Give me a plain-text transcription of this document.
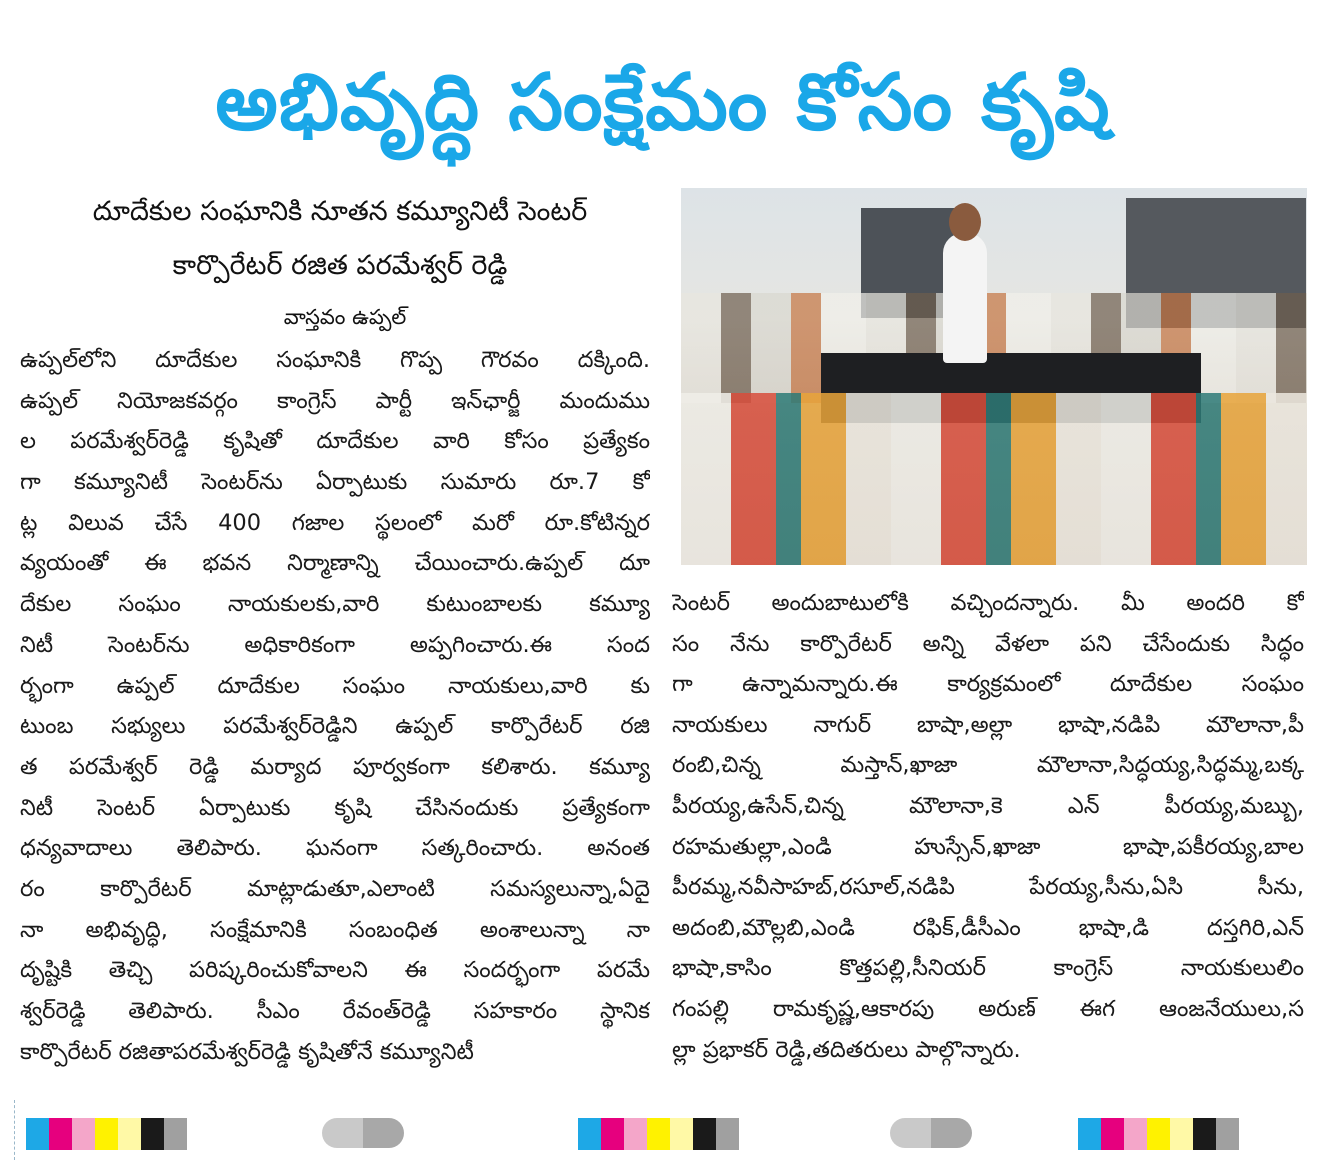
అభివృద్ధి సంక్షేమం కోసం కృషి
దూదేకుల సంఘానికి నూతన కమ్యూనిటీ సెంటర్
కార్పొరేటర్ రజిత పరమేశ్వర్ రెడ్డి
వాస్తవం ఉప్పల్
ఉప్పల్‌లోని దూదేకుల సంఘానికి గొప్ప గౌరవం దక్కింది.
ఉప్పల్ నియోజకవర్గం కాంగ్రెస్ పార్టీ ఇన్‌ఛార్జీ మందుము
ల పరమేశ్వర్‌రెడ్డి కృషితో దూదేకుల వారి కోసం ప్రత్యేకం
గా కమ్యూనిటీ సెంటర్‌ను ఏర్పాటుకు సుమారు రూ.7 కో
ట్ల విలువ చేసే 400 గజాల స్థలంలో మరో రూ.కోటిన్నర
వ్యయంతో ఈ భవన నిర్మాణాన్ని చేయించారు.ఉప్పల్ దూ
దేకుల సంఘం నాయకులకు,వారి కుటుంబాలకు కమ్యూ
నిటీ సెంటర్‌ను అధికారికంగా అప్పగించారు.ఈ సంద
ర్భంగా ఉప్పల్ దూదేకుల సంఘం నాయకులు,వారి కు
టుంబ సభ్యులు పరమేశ్వర్‌రెడ్డిని ఉప్పల్ కార్పొరేటర్ రజి
త పరమేశ్వర్ రెడ్డి మర్యాద పూర్వకంగా కలిశారు. కమ్యూ
నిటీ సెంటర్ ఏర్పాటుకు కృషి చేసినందుకు ప్రత్యేకంగా
ధన్యవాదాలు తెలిపారు. ఘనంగా సత్కరించారు. అనంత
రం కార్పొరేటర్ మాట్లాడుతూ,ఎలాంటి సమస్యలున్నా,ఏదై
నా అభివృద్ధి, సంక్షేమానికి సంబంధిత అంశాలున్నా నా
దృష్టికి తెచ్చి పరిష్కరించుకోవాలని ఈ సందర్భంగా పరమే
శ్వర్‌రెడ్డి తెలిపారు. సీఎం రేవంత్‌రెడ్డి సహకారం స్థానిక
కార్పొరేటర్ రజితాపరమేశ్వర్‌రెడ్డి కృషితోనే కమ్యూనిటీ
సెంటర్ అందుబాటులోకి వచ్చిందన్నారు. మీ అందరి కో
సం నేను కార్పొరేటర్ అన్ని వేళలా పని చేసేందుకు సిద్ధం
గా ఉన్నామన్నారు.ఈ కార్యక్రమంలో దూదేకుల సంఘం
నాయకులు నాగుర్ బాషా,అల్లా భాషా,నడిపి మౌలానా,పీ
రంబి,చిన్న మస్తాన్,ఖాజా మౌలానా,సిద్ధయ్య,సిద్ధమ్మ,బక్క
పీరయ్య,ఉసేన్,చిన్న మౌలానా,కె ఎన్ పీరయ్య,మబ్బు,
రహమతుల్లా,ఎండి హుస్సేన్,ఖాజా భాషా,పకీరయ్య,బాల
పీరమ్మ,నవీసాహబ్,రసూల్,నడిపి పేరయ్య,సీను,ఏసి సీను,
అదంబి,మౌల్లబి,ఎండి రఫిక్,డీసీఎం భాషా,డి దస్తగిరి,ఎన్
భాషా,కాసిం కొత్తపల్లి,సీనియర్ కాంగ్రెస్ నాయకులులిం
గంపల్లి రామకృష్ణ,ఆకారపు అరుణ్ ఈగ ఆంజనేయులు,స
ల్లా ప్రభాకర్ రెడ్డి,తదితరులు పాల్గొన్నారు.
